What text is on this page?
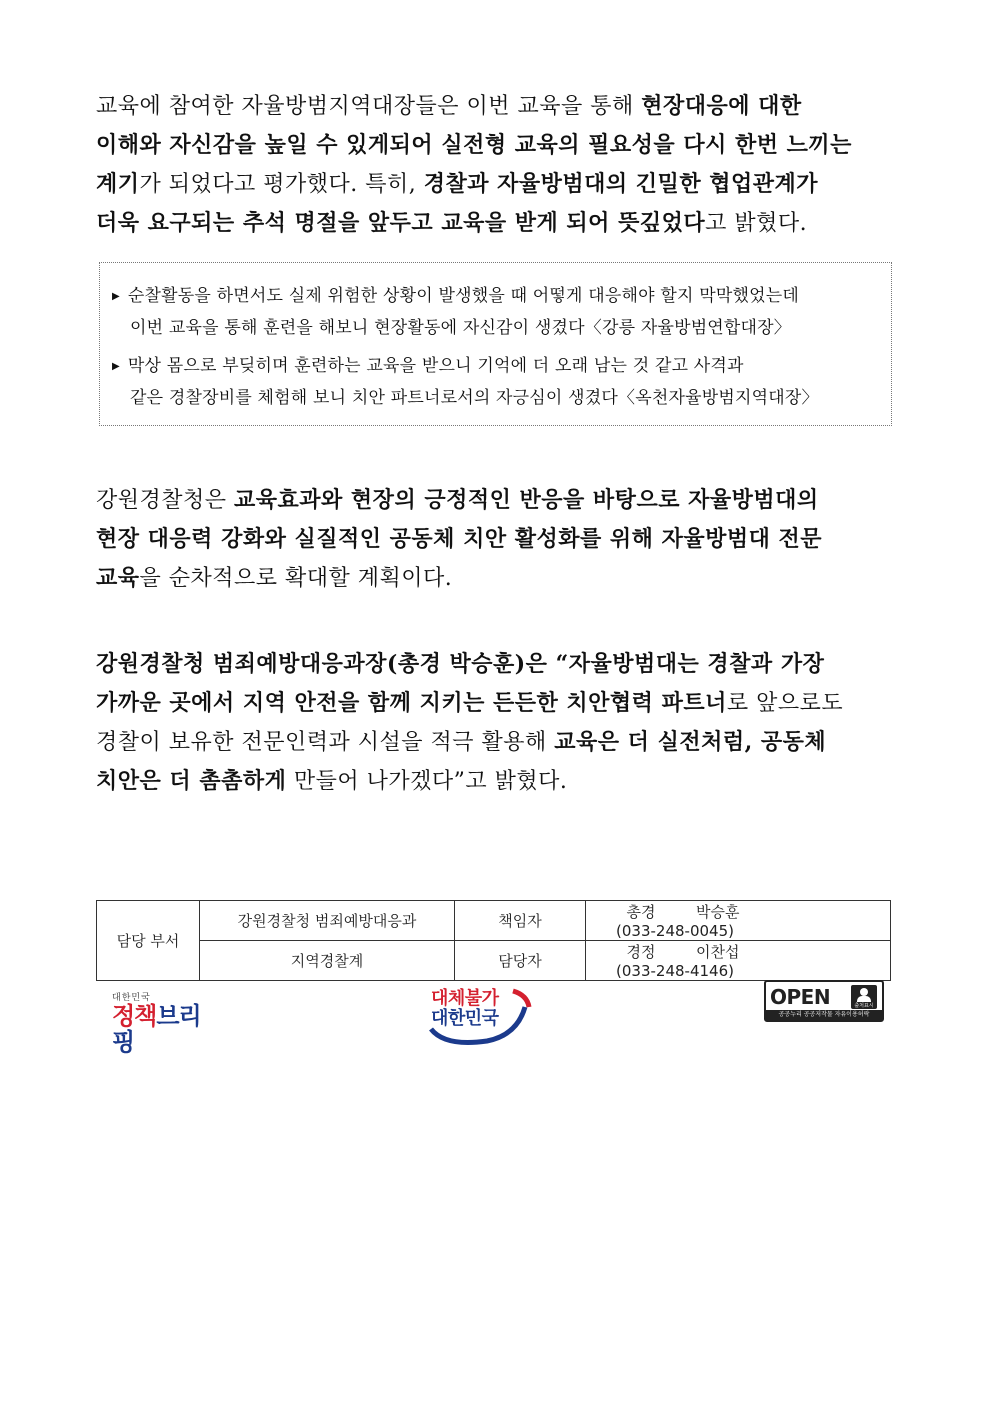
교육에 참여한 자율방범지역대장들은 이번 교육을 통해 현장대응에 대한
이해와 자신감을 높일 수 있게되어 실전형 교육의 필요성을 다시 한번 느끼는
계기가 되었다고 평가했다. 특히, 경찰과 자율방범대의 긴밀한 협업관계가
더욱 요구되는 추석 명절을 앞두고 교육을 받게 되어 뜻깊었다고 밝혔다.
▶ 순찰활동을 하면서도 실제 위험한 상황이 발생했을 때 어떻게 대응해야 할지 막막했었는데
이번 교육을 통해 훈련을 해보니 현장활동에 자신감이 생겼다〈강릉 자율방범연합대장〉
▶ 막상 몸으로 부딪히며 훈련하는 교육을 받으니 기억에 더 오래 남는 것 같고 사격과
같은 경찰장비를 체험해 보니 치안 파트너로서의 자긍심이 생겼다〈옥천자율방범지역대장〉
강원경찰청은 교육효과와 현장의 긍정적인 반응을 바탕으로 자율방범대의
현장 대응력 강화와 실질적인 공동체 치안 활성화를 위해 자율방범대 전문
교육을 순차적으로 확대할 계획이다.
강원경찰청 범죄예방대응과장(총경 박승훈)은 “자율방범대는 경찰과 가장
가까운 곳에서 지역 안전을 함께 지키는 든든한 치안협력 파트너로 앞으로도
경찰이 보유한 전문인력과 시설을 적극 활용해 교육은 더 실전처럼, 공동체
치안은 더 촘촘하게 만들어 나가겠다”고 밝혔다.
담당 부서	강원경찰청 범죄예방대응과	책임자	총경 박승훈(033-248-0045)
	지역경찰계	담당자	경정 이찬섭(033-248-4146)
대한민국
정책브리핑
대체불가
대한민국
OPEN	출처표시
공공누리 공공저작물 자유이용허락
